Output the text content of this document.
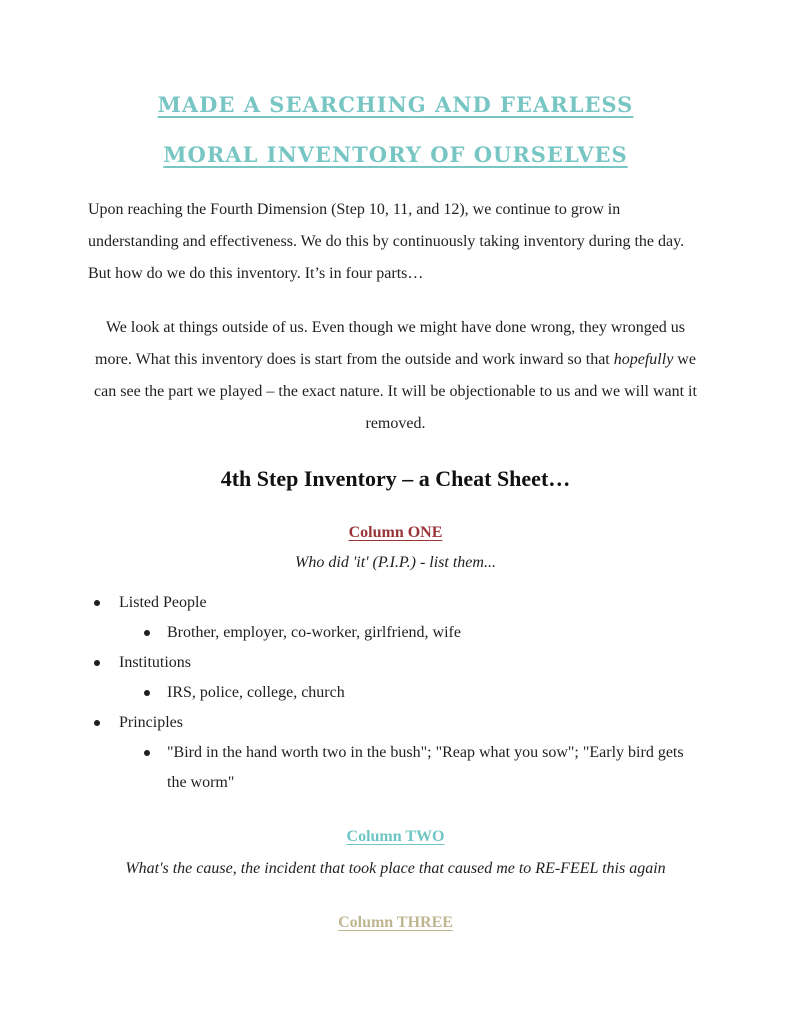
MADE A SEARCHING AND FEARLESS
MORAL INVENTORY OF OURSELVES

Upon reaching the Fourth Dimension (Step 10, 11, and 12), we continue to grow in understanding and effectiveness. We do this by continuously taking inventory during the day. But how do we do this inventory. It’s in four parts…

We look at things outside of us. Even though we might have done wrong, they wronged us more. What this inventory does is start from the outside and work inward so that hopefully we can see the part we played – the exact nature. It will be objectionable to us and we will want it removed.

4th Step Inventory – a Cheat Sheet…
Column ONE
Who did 'it' (P.I.P.) - list them...
Listed People
Brother, employer, co-worker, girlfriend, wife
Institutions
IRS, police, college, church
Principles
"Bird in the hand worth two in the bush"; "Reap what you sow"; "Early bird gets the worm"
Column TWO
What's the cause, the incident that took place that caused me to RE-FEEL this again
Column THREE
